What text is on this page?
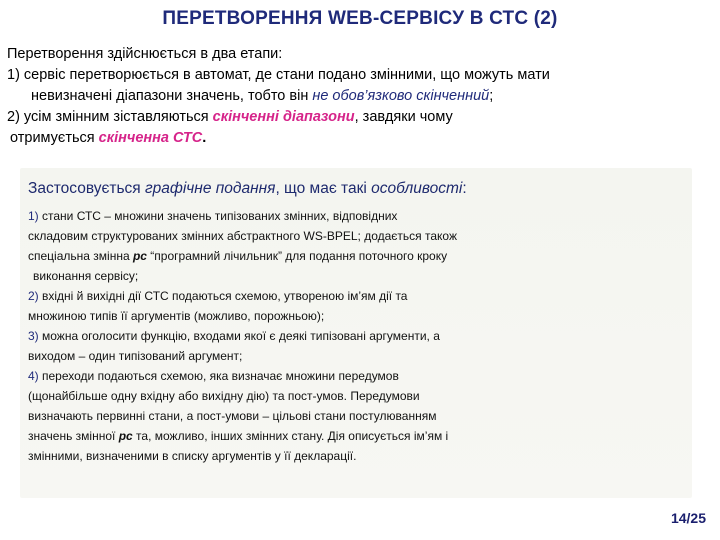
ПЕРЕТВОРЕННЯ WEB-СЕРВІСУ В СТС (2)

Перетворення здійснюється в два етапи:

1) сервіс перетворюється в автомат, де стани подано змінними, що можуть мати

невизначені діапазони значень, тобто він не обов’язково скінченний;

2) усім змінним зіставляються скінченні діапазони, завдяки чому

отримується скінченна СТС.

Застосовується графічне подання, що має такі особливості:

1) стани СТС – множини значень типізованих змінних, відповідних

складовим структурованих змінних абстрактного WS-BPEL; додається також

спеціальна змінна pc “програмний лічильник” для подання поточного кроку

виконання сервісу;

2) вхідні й вихідні дії СТС подаються схемою, утвореною ім’ям дії та

множиною типів її аргументів (можливо, порожньою);

3) можна оголосити функцію, входами якої є деякі типізовані аргументи, а

виходом – один типізований аргумент;

4) переходи подаються схемою, яка визначає множини передумов

(щонайбільше одну вхідну або вихідну дію) та пост-умов. Передумови

визначають первинні стани, а пост-умови – цільові стани постулюванням

значень змінної pc та, можливо, інших змінних стану. Дія описується ім’ям і

змінними, визначеними в списку аргументів у її декларації.

14/25
